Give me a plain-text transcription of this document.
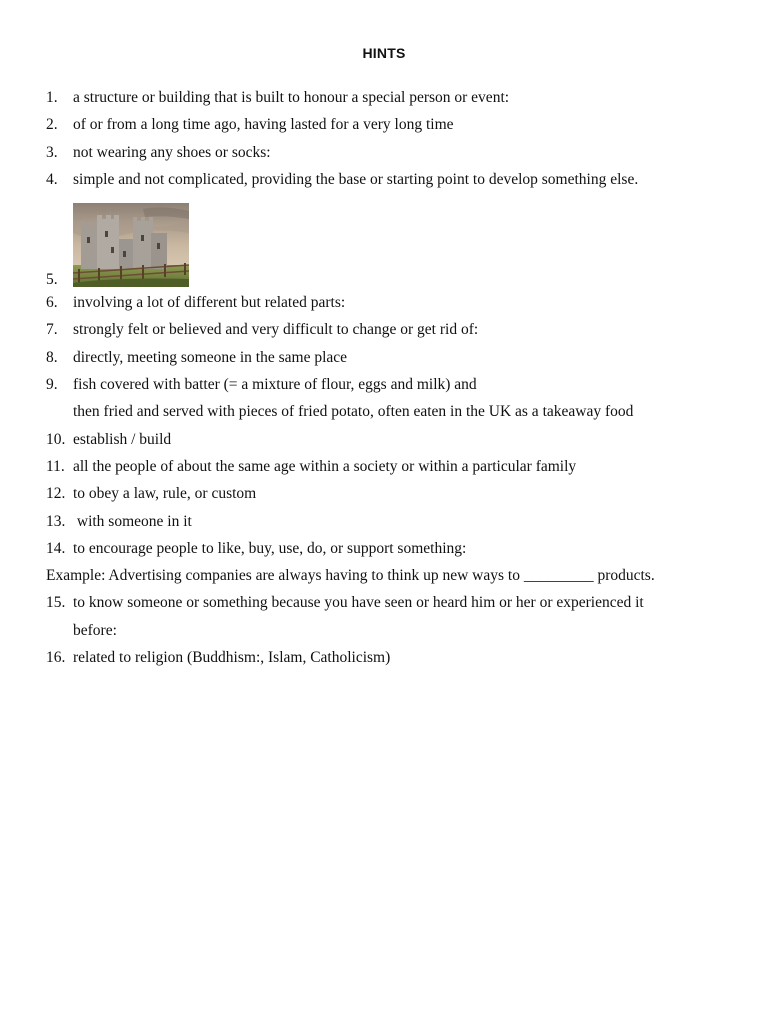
HINTS
1. a structure or building that is built to honour a special person or event:
2. of or from a long time ago, having lasted for a very long time
3. not wearing any shoes or socks:
4. simple and not complicated, providing the base or starting point to develop something else.
5.
6. involving a lot of different but related parts:
7. strongly felt or believed and very difficult to change or get rid of:
8. directly, meeting someone in the same place
9. fish covered with batter (= a mixture of flour, eggs and milk) and
then fried and served with pieces of fried potato, often eaten in the UK as a takeaway food
10. establish / build
11. all the people of about the same age within a society or within a particular family
12. to obey a law, rule, or custom
13. with someone in it
14. to encourage people to like, buy, use, do, or support something:
Example: Advertising companies are always having to think up new ways to _________ products.
15. to know someone or something because you have seen or heard him or her or experienced it
before:
16. related to religion (Buddhism:, Islam, Catholicism)
